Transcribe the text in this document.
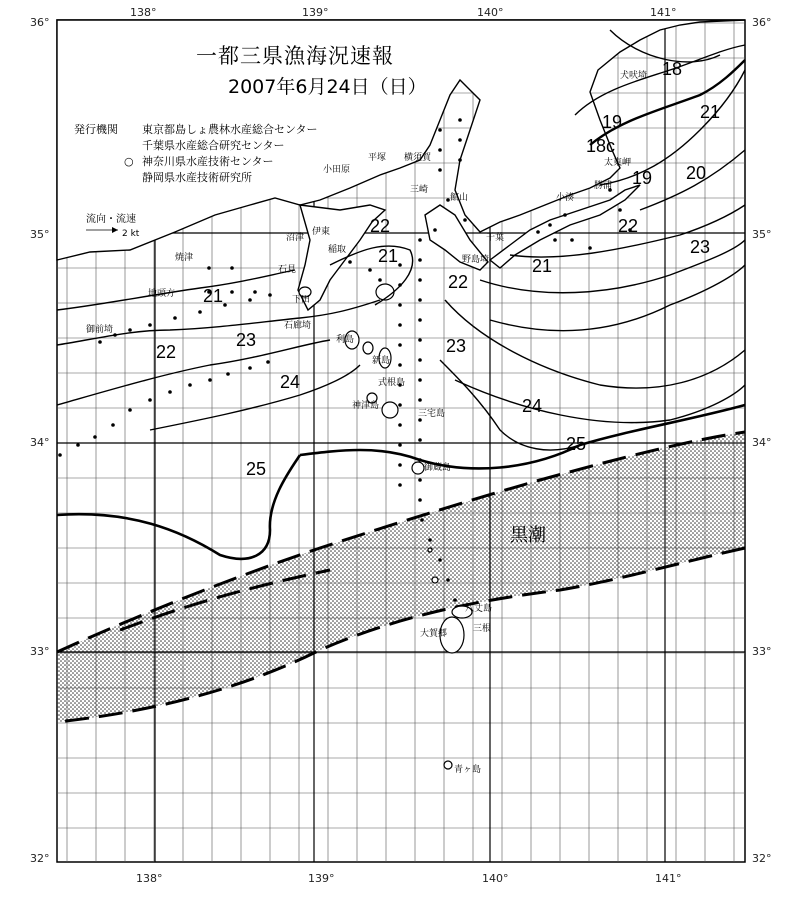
18
19
18c
19 20
21
22
21
22
21
22
23
21
23
22
23
24
24
25
25
黒潮
犬吠埼
太東岬
勝浦
小湊
平塚 横須賀
小田原
三崎
館山
千葉
野島埼
伊東
沼津
稲取
焼津
御前埼
地頭方
下田
石廊埼
利島
新島
式根島
神津島
三宅島
御蔵島
八丈島
三根
大賀郷
青ヶ島
石見
一都三県漁海況速報
2007年6月24日（日）
発行機関 東京都島しょ農林水産総合センター
千葉県水産総合研究センター
○ 神奈川県水産技術センター
静岡県水産技術研究所
流向・流速
2 kt
138°	139°	140°	141°
138°	139°	140°	141°
36°
35°
34°
33°
32°
36°
35°
34°
33°
32°
